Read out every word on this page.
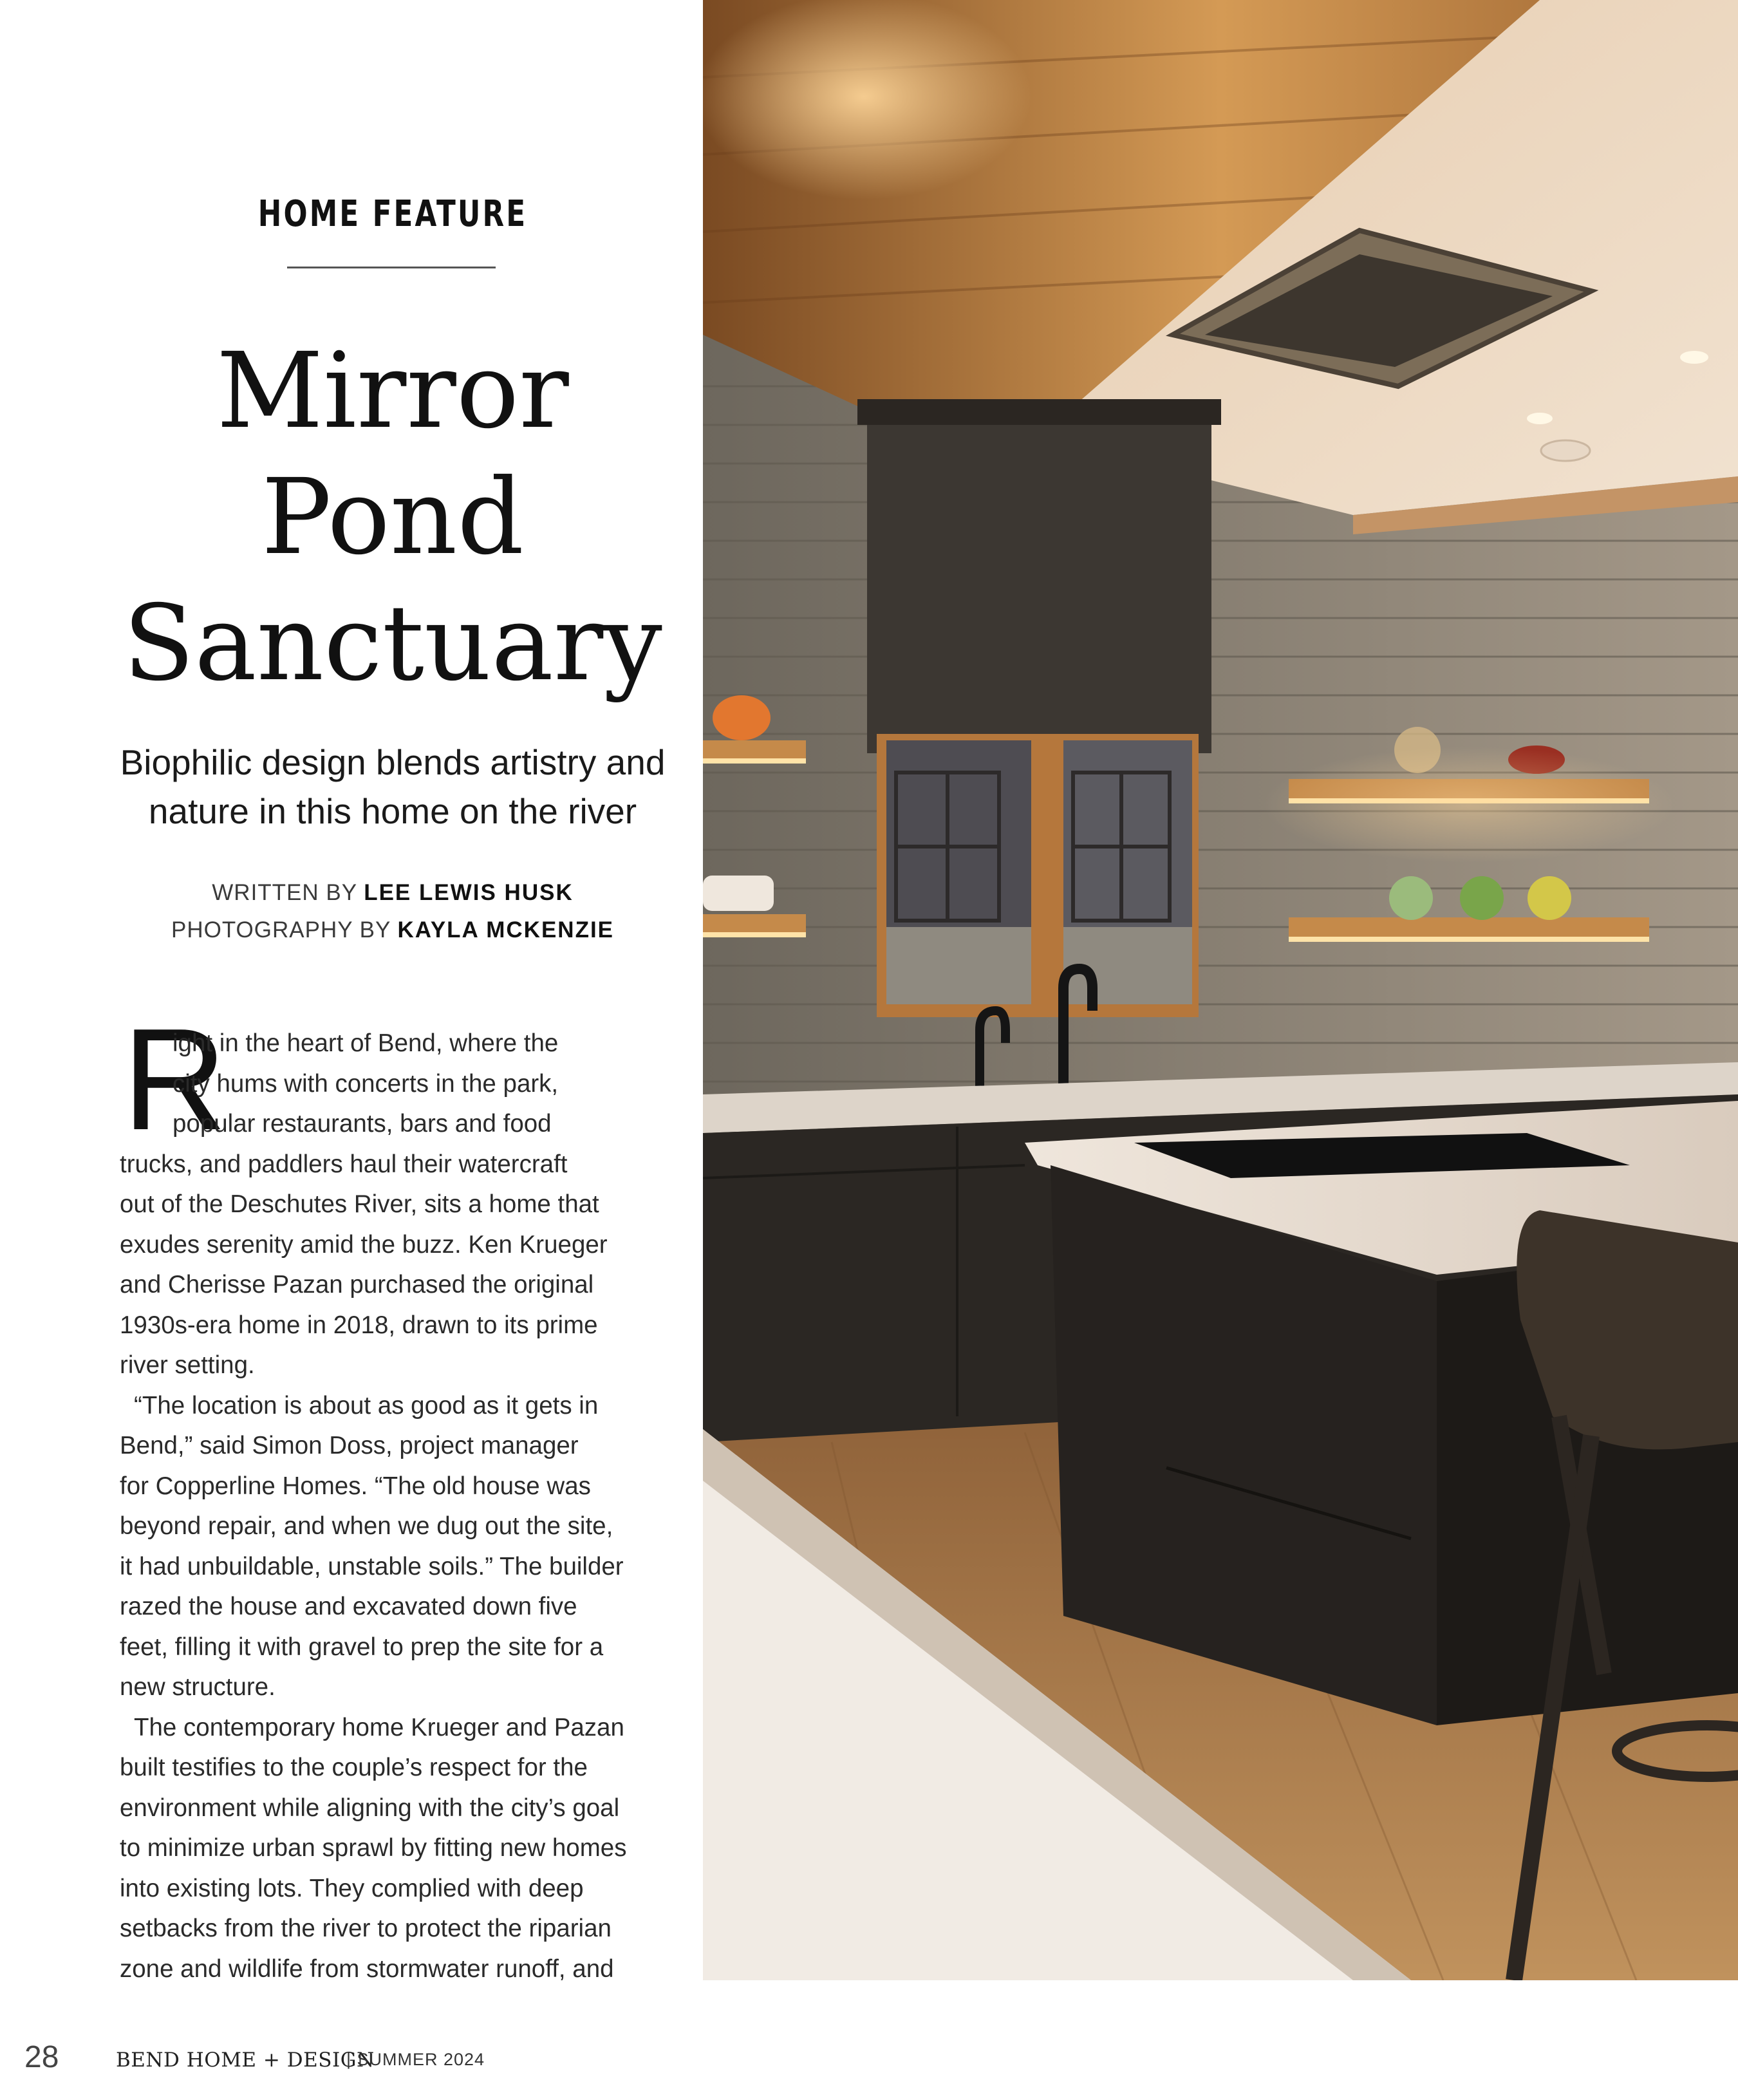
HOME FEATURE
Mirror
Pond
Sanctuary
Biophilic design blends artistry and
nature in this home on the river
WRITTEN BY LEE LEWIS HUSK
PHOTOGRAPHY BY KAYLA MCKENZIE
R
ight in the heart of Bend, where the
city hums with concerts in the park,
popular restaurants, bars and food
trucks, and paddlers haul their watercraft
out of the Deschutes River, sits a home that
exudes serenity amid the buzz. Ken Krueger
and Cherisse Pazan purchased the original
1930s-era home in 2018, drawn to its prime
river setting.
“The location is about as good as it gets in
Bend,” said Simon Doss, project manager
for Copperline Homes. “The old house was
beyond repair, and when we dug out the site,
it had unbuildable, unstable soils.” The builder
razed the house and excavated down five
feet, filling it with gravel to prep the site for a
new structure.
The contemporary home Krueger and Pazan
built testifies to the couple’s respect for the
environment while aligning with the city’s goal
to minimize urban sprawl by fitting new homes
into existing lots. They complied with deep
setbacks from the river to protect the riparian
zone and wildlife from stormwater runoff, and
28	BEND HOME + DESIGN
| SUMMER 2024
